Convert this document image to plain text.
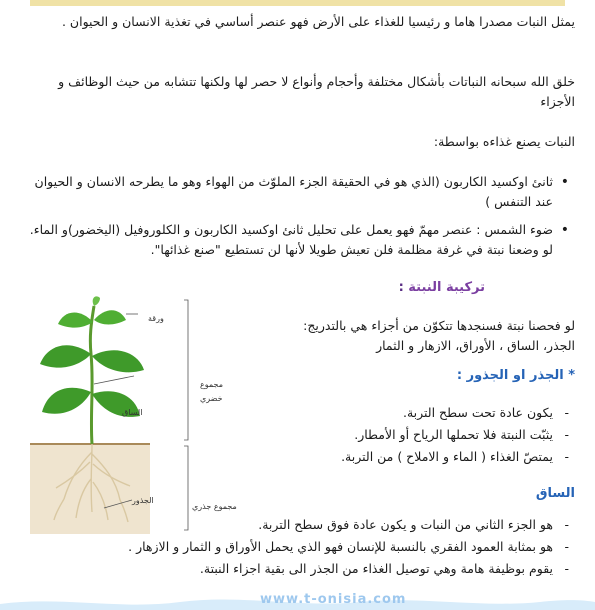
يمثل النبات مصدرا هاما و رئيسيا للغذاء على الأرض فهو عنصر أساسي في تغذية الانسان و الحيوان .

خلق الله سبحانه النباتات بأشكال مختلفة وأحجام وأنواع لا حصر لها ولكنها تتشابه من حيث الوظائف و الأجزاء

النبات يصنع غذاءه بواسطة:

• ثانئ اوكسيد الكاربون (الذي هو في الحقيقة الجزء الملوّث من الهواء وهو ما يطرحه الانسان و الحيوان عند التنفس )
• ضوء الشمس : عنصر مهمّ فهو يعمل على تحليل ثانئ اوكسيد الكاربون و الكلوروفيل (اليخضور)و الماء. لو وضعنا نبتة في غرفة مظلمة فلن تعيش طويلا لأنها لن تستطيع "صنع غذائها".
تركيبة النبتة :

لو فحصنا نبتة فسنجدها تتكوّن من أجزاء هي بالتدريج:

الجذر، الساق ، الأوراق، الازهار و الثمار

* الجذر او الجذور :
- يكون عادة تحت سطح التربة.
- يثبّت النبتة فلا تحملها الرياح أو الأمطار.
- يمتصّ الغذاء ( الماء و الاملاح ) من التربة.
الساق
- هو الجزء الثاني من النبات و يكون عادة فوق سطح التربة.
- هو بمثابة العمود الفقري بالنسبة للإنسان فهو الذي يحمل الأوراق و الثمار و الازهار .
- يقوم بوظيفة هامة وهي توصيل الغذاء من الجذر الى بقية اجزاء النبتة.
ورقة
الساق
الجذور
مجموع
خضري
مجموع جذري
www.t-onisia.com
